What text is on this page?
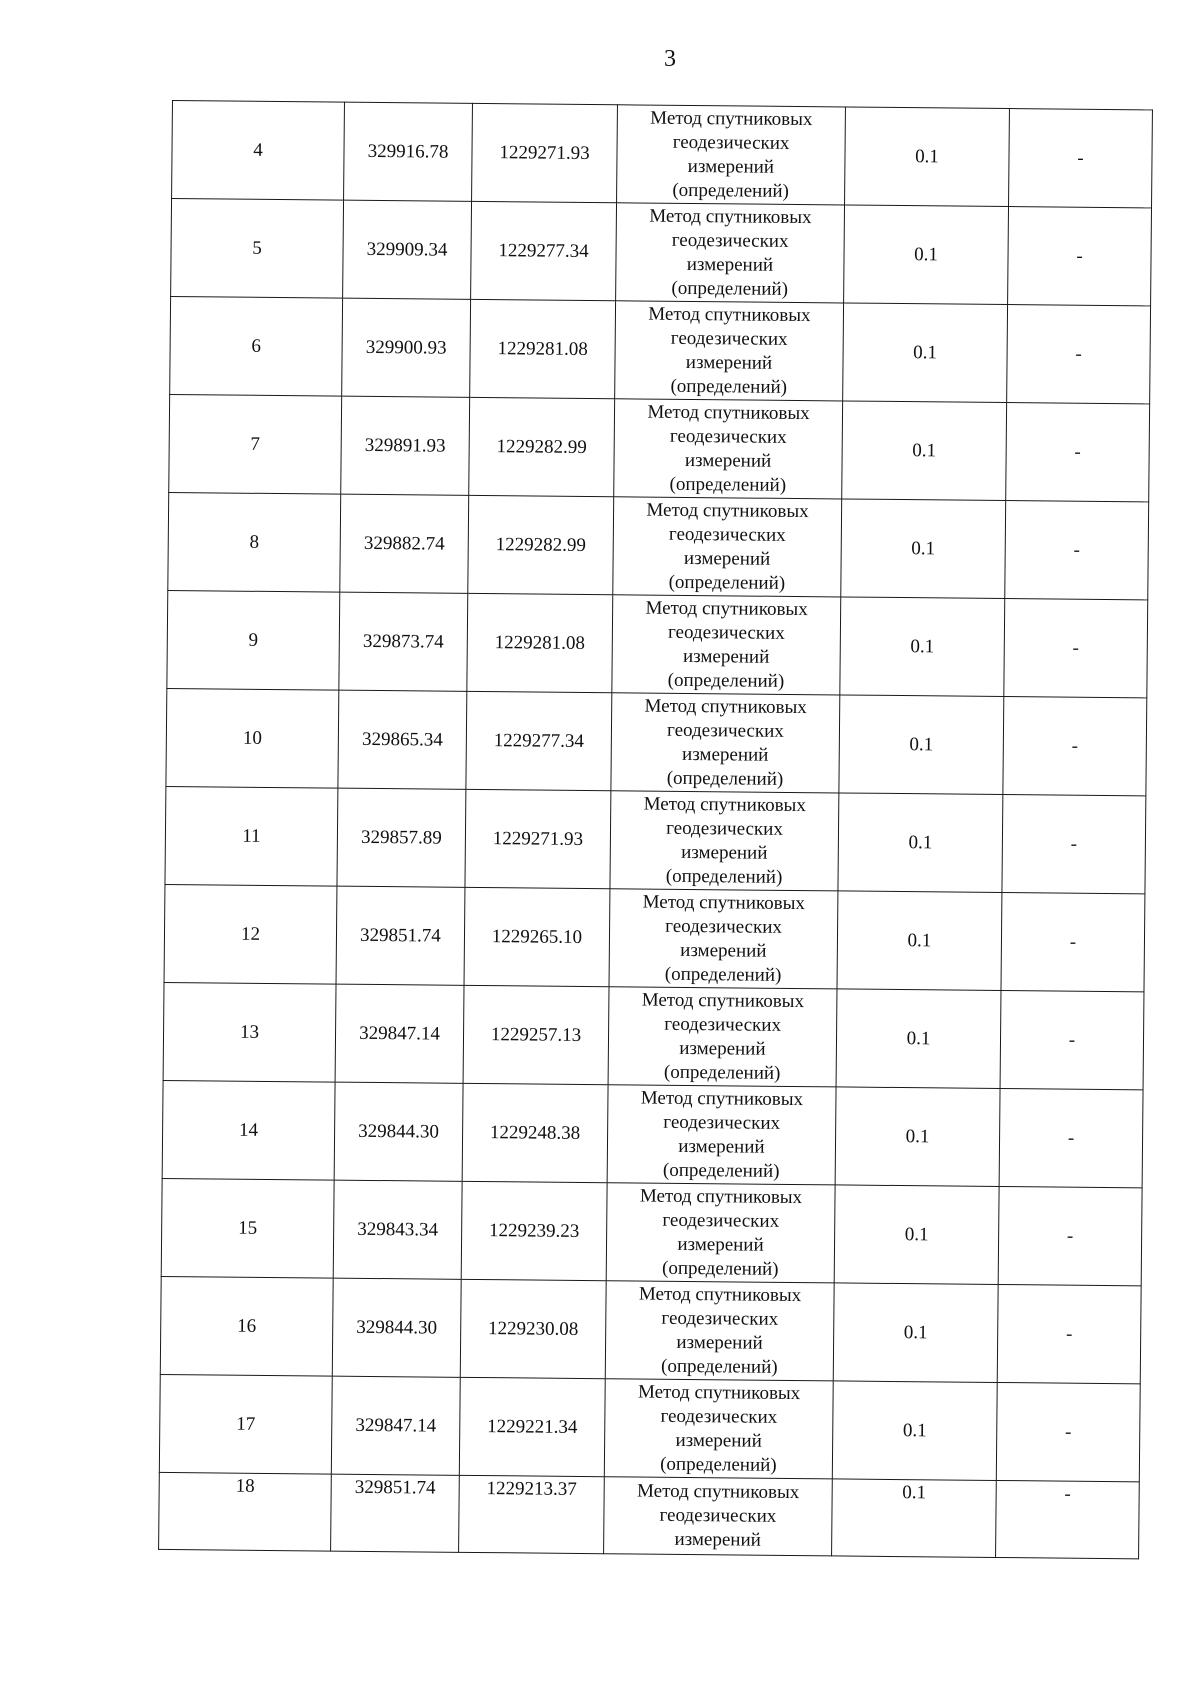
3
4	329916.78	1229271.93	Метод спутниковых
геодезических
измерений
(определений)	0.1	-
5	329909.34	1229277.34	Метод спутниковых
геодезических
измерений
(определений)	0.1	-
6	329900.93	1229281.08	Метод спутниковых
геодезических
измерений
(определений)	0.1	-
7	329891.93	1229282.99	Метод спутниковых
геодезических
измерений
(определений)	0.1	-
8	329882.74	1229282.99	Метод спутниковых
геодезических
измерений
(определений)	0.1	-
9	329873.74	1229281.08	Метод спутниковых
геодезических
измерений
(определений)	0.1	-
10	329865.34	1229277.34	Метод спутниковых
геодезических
измерений
(определений)	0.1	-
11	329857.89	1229271.93	Метод спутниковых
геодезических
измерений
(определений)	0.1	-
12	329851.74	1229265.10	Метод спутниковых
геодезических
измерений
(определений)	0.1	-
13	329847.14	1229257.13	Метод спутниковых
геодезических
измерений
(определений)	0.1	-
14	329844.30	1229248.38	Метод спутниковых
геодезических
измерений
(определений)	0.1	-
15	329843.34	1229239.23	Метод спутниковых
геодезических
измерений
(определений)	0.1	-
16	329844.30	1229230.08	Метод спутниковых
геодезических
измерений
(определений)	0.1	-
17	329847.14	1229221.34	Метод спутниковых
геодезических
измерений
(определений)	0.1	-
18	329851.74	1229213.37	Метод спутниковых
геодезических
измерений	0.1	-
